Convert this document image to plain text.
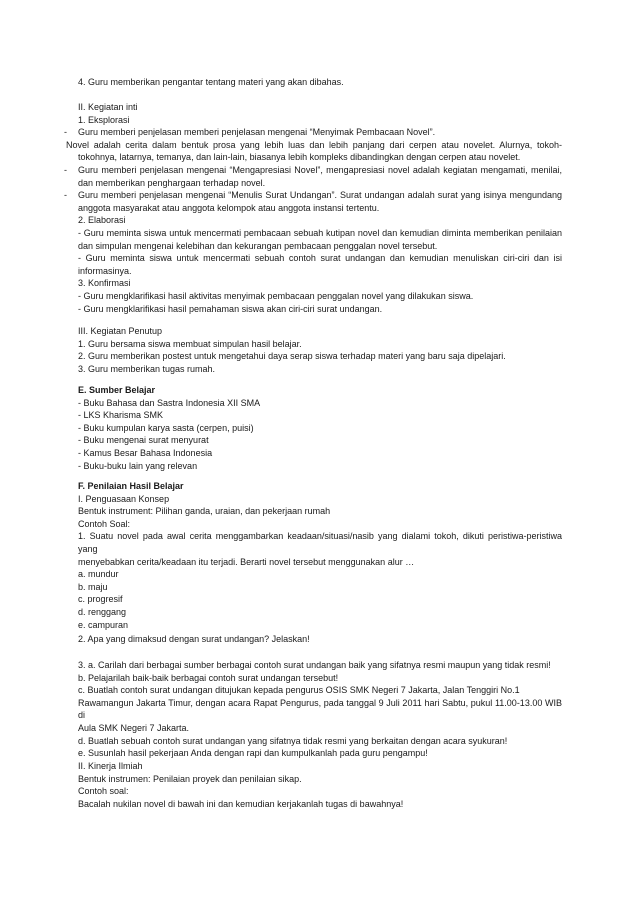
4. Guru memberikan pengantar tentang materi yang akan dibahas.
II. Kegiatan inti
1. Eksplorasi
- Guru memberi penjelasan memberi penjelasan mengenai “Menyimak Pembacaan Novel”.
Novel adalah cerita dalam bentuk prosa yang lebih luas dan lebih panjang dari cerpen atau novelet. Alurnya, tokoh-
tokohnya, latarnya, temanya, dan lain-lain, biasanya lebih kompleks dibandingkan dengan cerpen atau novelet.
- Guru memberi penjelasan mengenai “Mengapresiasi Novel”, mengapresiasi novel adalah kegiatan mengamati, menilai,
dan memberikan penghargaan terhadap novel.
- Guru memberi penjelasan mengenai “Menulis Surat Undangan”. Surat undangan adalah surat yang isinya mengundang
anggota masyarakat atau anggota kelompok atau anggota instansi tertentu.
2. Elaborasi
- Guru meminta siswa untuk mencermati pembacaan sebuah kutipan novel dan kemudian diminta memberikan penilaian
dan simpulan mengenai kelebihan dan kekurangan pembacaan penggalan novel tersebut.
- Guru meminta siswa untuk mencermati sebuah contoh surat undangan dan kemudian menuliskan ciri-ciri dan isi
informasinya.
3. Konfirmasi
- Guru mengklarifikasi hasil aktivitas menyimak pembacaan penggalan novel yang dilakukan siswa.
- Guru mengklarifikasi hasil pemahaman siswa akan ciri-ciri surat undangan.
III. Kegiatan Penutup
1. Guru bersama siswa membuat simpulan hasil belajar.
2. Guru memberikan postest untuk mengetahui daya serap siswa terhadap materi yang baru saja dipelajari.
3. Guru memberikan tugas rumah.
E. Sumber Belajar
- Buku Bahasa dan Sastra Indonesia XII SMA
- LKS Kharisma SMK
- Buku kumpulan karya sasta (cerpen, puisi)
- Buku mengenai surat menyurat
- Kamus Besar Bahasa Indonesia
- Buku-buku lain yang relevan
F. Penilaian Hasil Belajar
I. Penguasaan Konsep
Bentuk instrument: Pilihan ganda, uraian, dan pekerjaan rumah
Contoh Soal:
1. Suatu novel pada awal cerita menggambarkan keadaan/situasi/nasib yang dialami tokoh, dikuti peristiwa-peristiwa yang
menyebabkan cerita/keadaan itu terjadi. Berarti novel tersebut menggunakan alur …
a. mundur
b. maju
c. progresif
d. renggang
e. campuran
2. Apa yang dimaksud dengan surat undangan? Jelaskan!
3. a. Carilah dari berbagai sumber berbagai contoh surat undangan baik yang sifatnya resmi maupun yang tidak resmi!
b. Pelajarilah baik-baik berbagai contoh surat undangan tersebut!
c. Buatlah contoh surat undangan ditujukan kepada pengurus OSIS SMK Negeri 7 Jakarta, Jalan Tenggiri No.1
Rawamangun Jakarta Timur, dengan acara Rapat Pengurus, pada tanggal 9 Juli 2011 hari Sabtu, pukul 11.00-13.00 WIB di
Aula SMK Negeri 7 Jakarta.
d. Buatlah sebuah contoh surat undangan yang sifatnya tidak resmi yang berkaitan dengan acara syukuran!
e. Susunlah hasil pekerjaan Anda dengan rapi dan kumpulkanlah pada guru pengampu!
II. Kinerja Ilmiah
Bentuk instrumen: Penilaian proyek dan penilaian sikap.
Contoh soal:
Bacalah nukilan novel di bawah ini dan kemudian kerjakanlah tugas di bawahnya!
